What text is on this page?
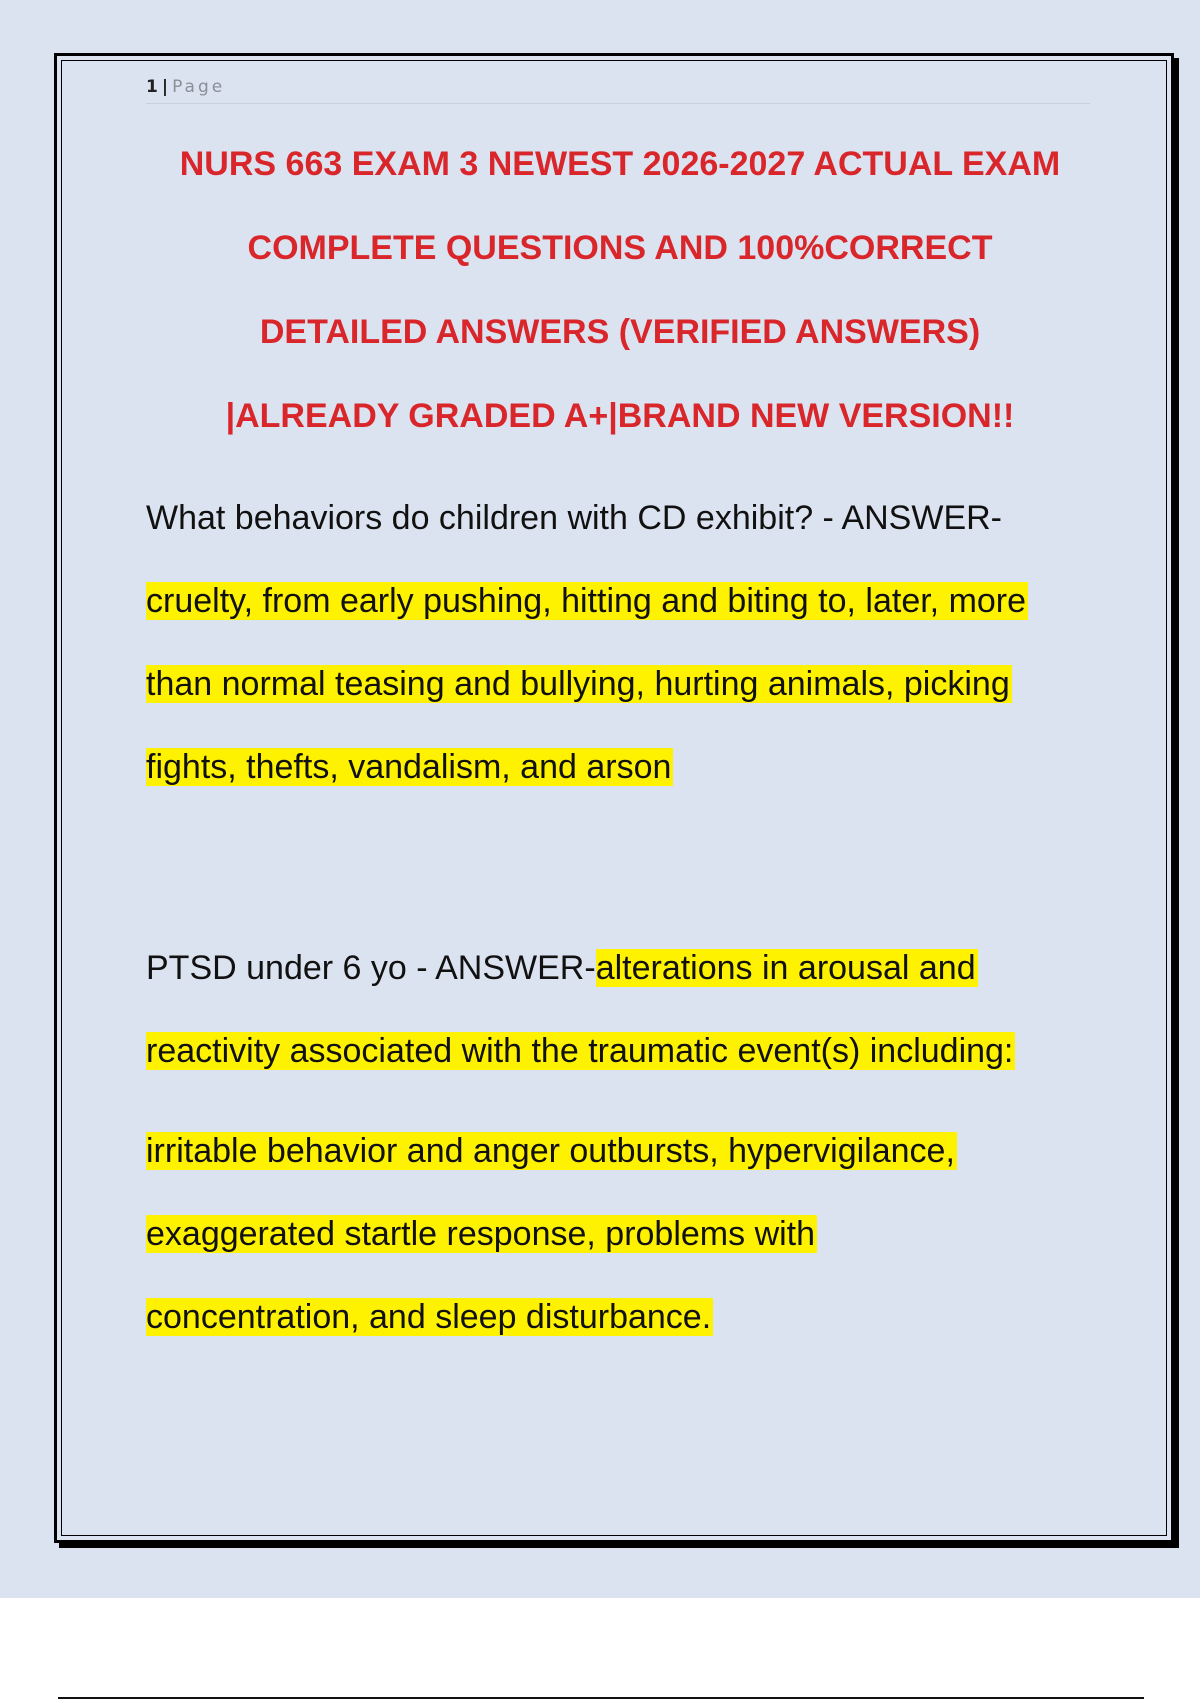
1 | Page
NURS 663 EXAM 3 NEWEST 2026-2027 ACTUAL EXAM
COMPLETE QUESTIONS AND 100%CORRECT
DETAILED ANSWERS (VERIFIED ANSWERS)
|ALREADY GRADED A+|BRAND NEW VERSION!!
What behaviors do children with CD exhibit? - ANSWER-
cruelty, from early pushing, hitting and biting to, later, more
than normal teasing and bullying, hurting animals, picking
fights, thefts, vandalism, and arson
PTSD under 6 yo - ANSWER-alterations in arousal and
reactivity associated with the traumatic event(s) including:
irritable behavior and anger outbursts, hypervigilance,
exaggerated startle response, problems with
concentration, and sleep disturbance.
